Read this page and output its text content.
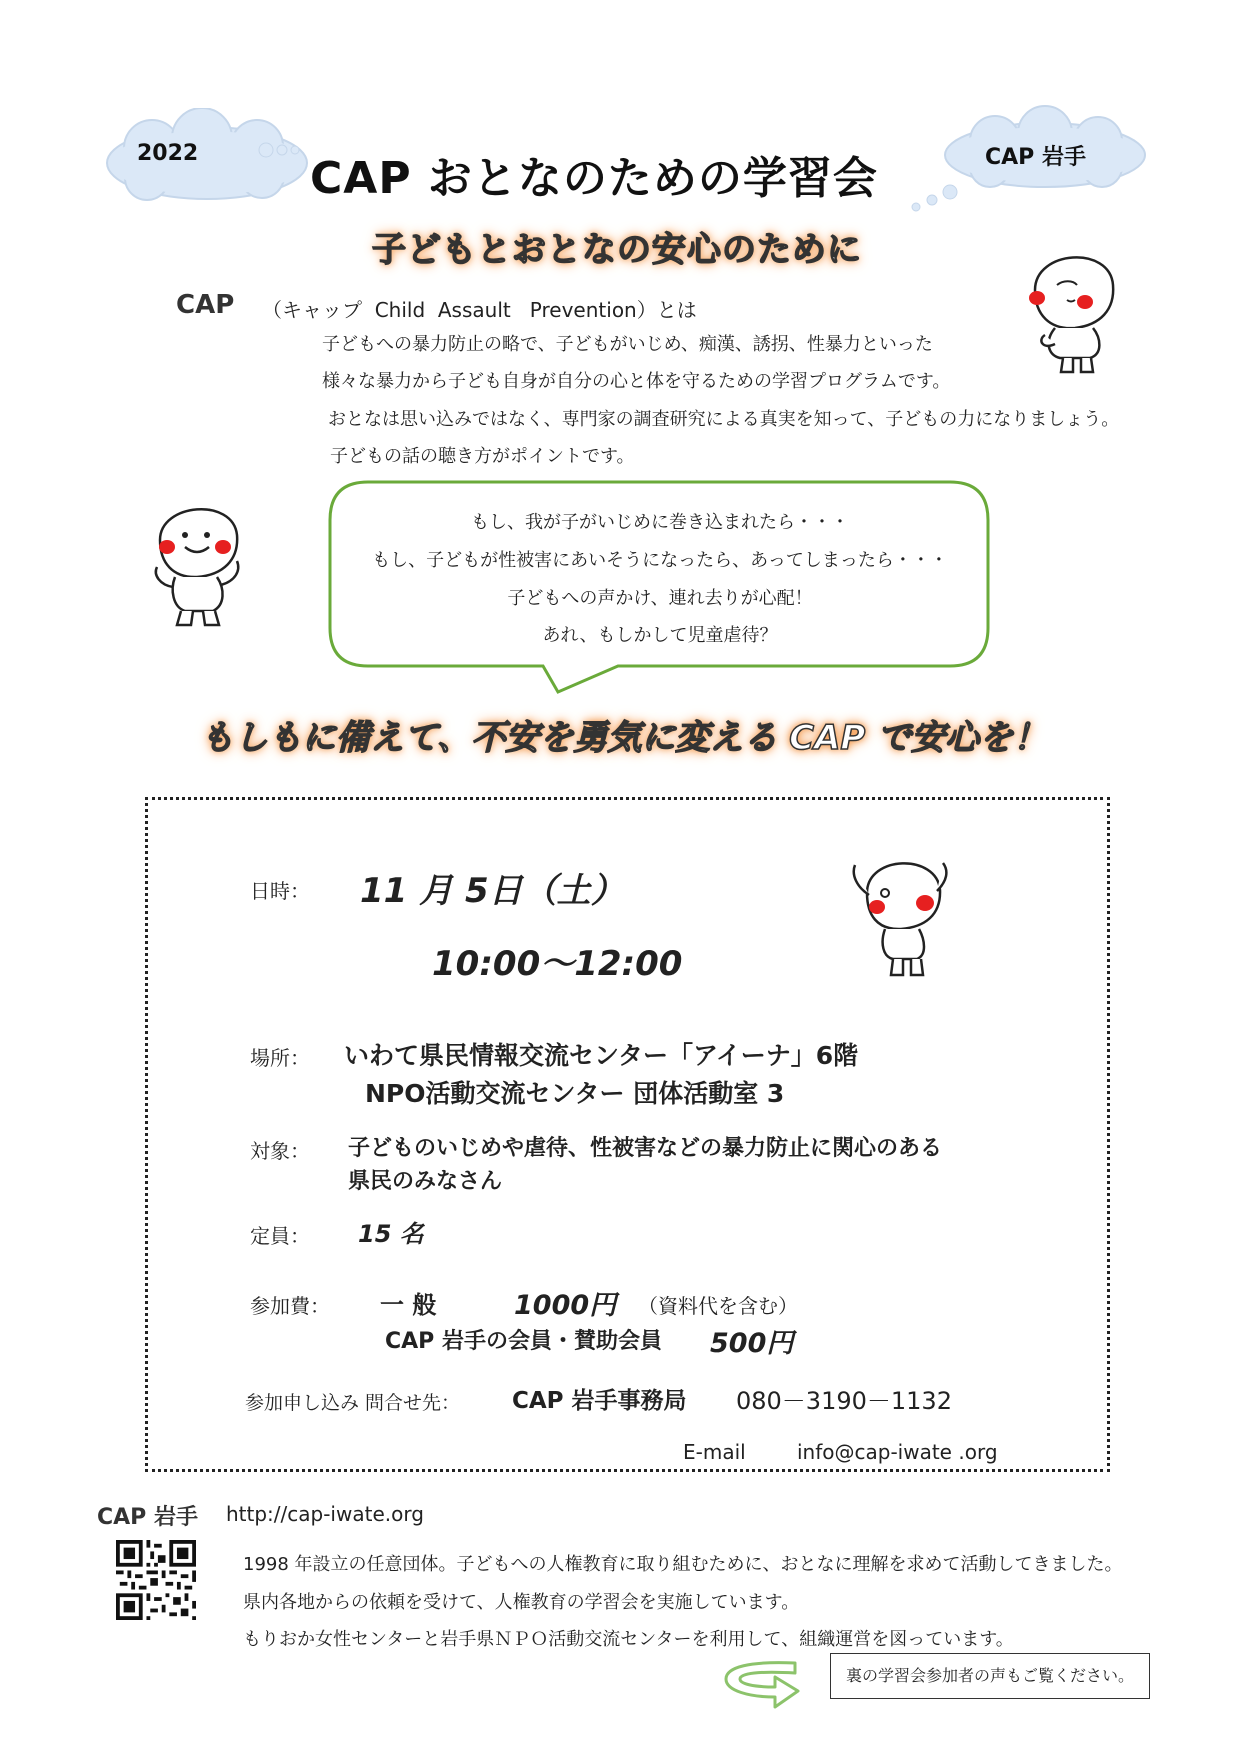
2022	CAP 岩手
CAP おとなのための学習会
子どもとおとなの安心のために
CAP （キャップ  Child  Assault   Prevention）とは
子どもへの暴力防止の略で、子どもがいじめ、痴漢、誘拐、性暴力といった
様々な暴力から子ども自身が自分の心と体を守るための学習プログラムです。
おとなは思い込みではなく、専門家の調査研究による真実を知って、子どもの力になりましょう。
子どもの話の聴き方がポイントです。
もし、我が子がいじめに巻き込まれたら・・・
もし、子どもが性被害にあいそうになったら、あってしまったら・・・
子どもへの声かけ、連れ去りが心配！
あれ、もしかして児童虐待？
もしもに備えて、不安を勇気に変える CAP で安心を！
日時： 11 月 5日（土）
10:00～12:00
場所： いわて県民情報交流センター「アイーナ」6階
NPO活動交流センター 団体活動室 3
対象： 子どものいじめや虐待、性被害などの暴力防止に関心のある
県民のみなさん
定員： 15 名
参加費： 一 般	1000円 （資料代を含む）
CAP 岩手の会員・賛助会員 500円
参加申し込み 問合せ先： CAP 岩手事務局 080－3190－1132
E-mail	info@cap-iwate .org
CAP 岩手 http://cap-iwate.org
1998 年設立の任意団体。子どもへの人権教育に取り組むために、おとなに理解を求めて活動してきました。
県内各地からの依頼を受けて、人権教育の学習会を実施しています。
もりおか女性センターと岩手県ＮＰＯ活動交流センターを利用して、組織運営を図っています。
裏の学習会参加者の声もご覧ください。
